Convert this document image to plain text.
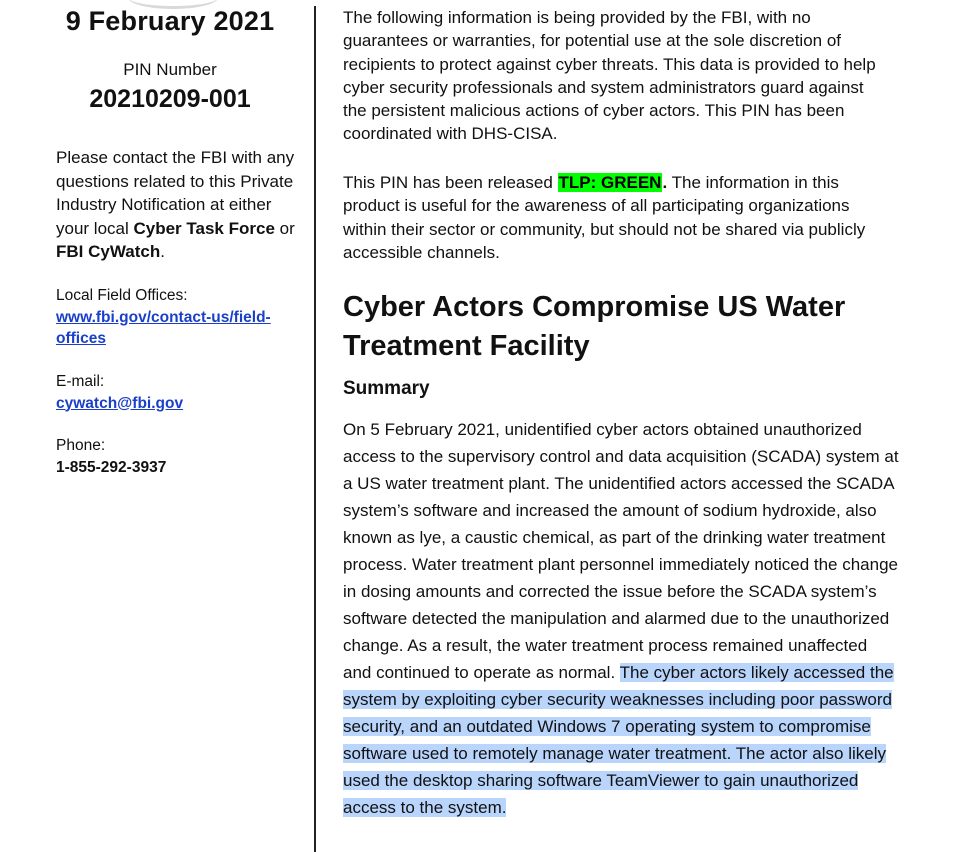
9 February 2021
PIN Number
20210209-001
Please contact the FBI with any questions related to this Private Industry Notification at either your local Cyber Task Force or FBI CyWatch.
Local Field Offices:
www.fbi.gov/contact-us/field-
offices
E-mail:
cywatch@fbi.gov
Phone:
1-855-292-3937
The following information is being provided by the FBI, with no guarantees or warranties, for potential use at the sole discretion of recipients to protect against cyber threats. This data is provided to help cyber security professionals and system administrators guard against the persistent malicious actions of cyber actors. This PIN has been coordinated with DHS-CISA.
This PIN has been released TLP: GREEN. The information in this product is useful for the awareness of all participating organizations within their sector or community, but should not be shared via publicly accessible channels.
Cyber Actors Compromise US Water Treatment Facility
Summary
On 5 February 2021, unidentified cyber actors obtained unauthorized access to the supervisory control and data acquisition (SCADA) system at a US water treatment plant. The unidentified actors accessed the SCADA system’s software and increased the amount of sodium hydroxide, also known as lye, a caustic chemical, as part of the drinking water treatment process. Water treatment plant personnel immediately noticed the change in dosing amounts and corrected the issue before the SCADA system’s software detected the manipulation and alarmed due to the unauthorized change. As a result, the water treatment process remained unaffected and continued to operate as normal. The cyber actors likely accessed the system by exploiting cyber security weaknesses including poor password security, and an outdated Windows 7 operating system to compromise software used to remotely manage water treatment. The actor also likely used the desktop sharing software TeamViewer to gain unauthorized access to the system.
